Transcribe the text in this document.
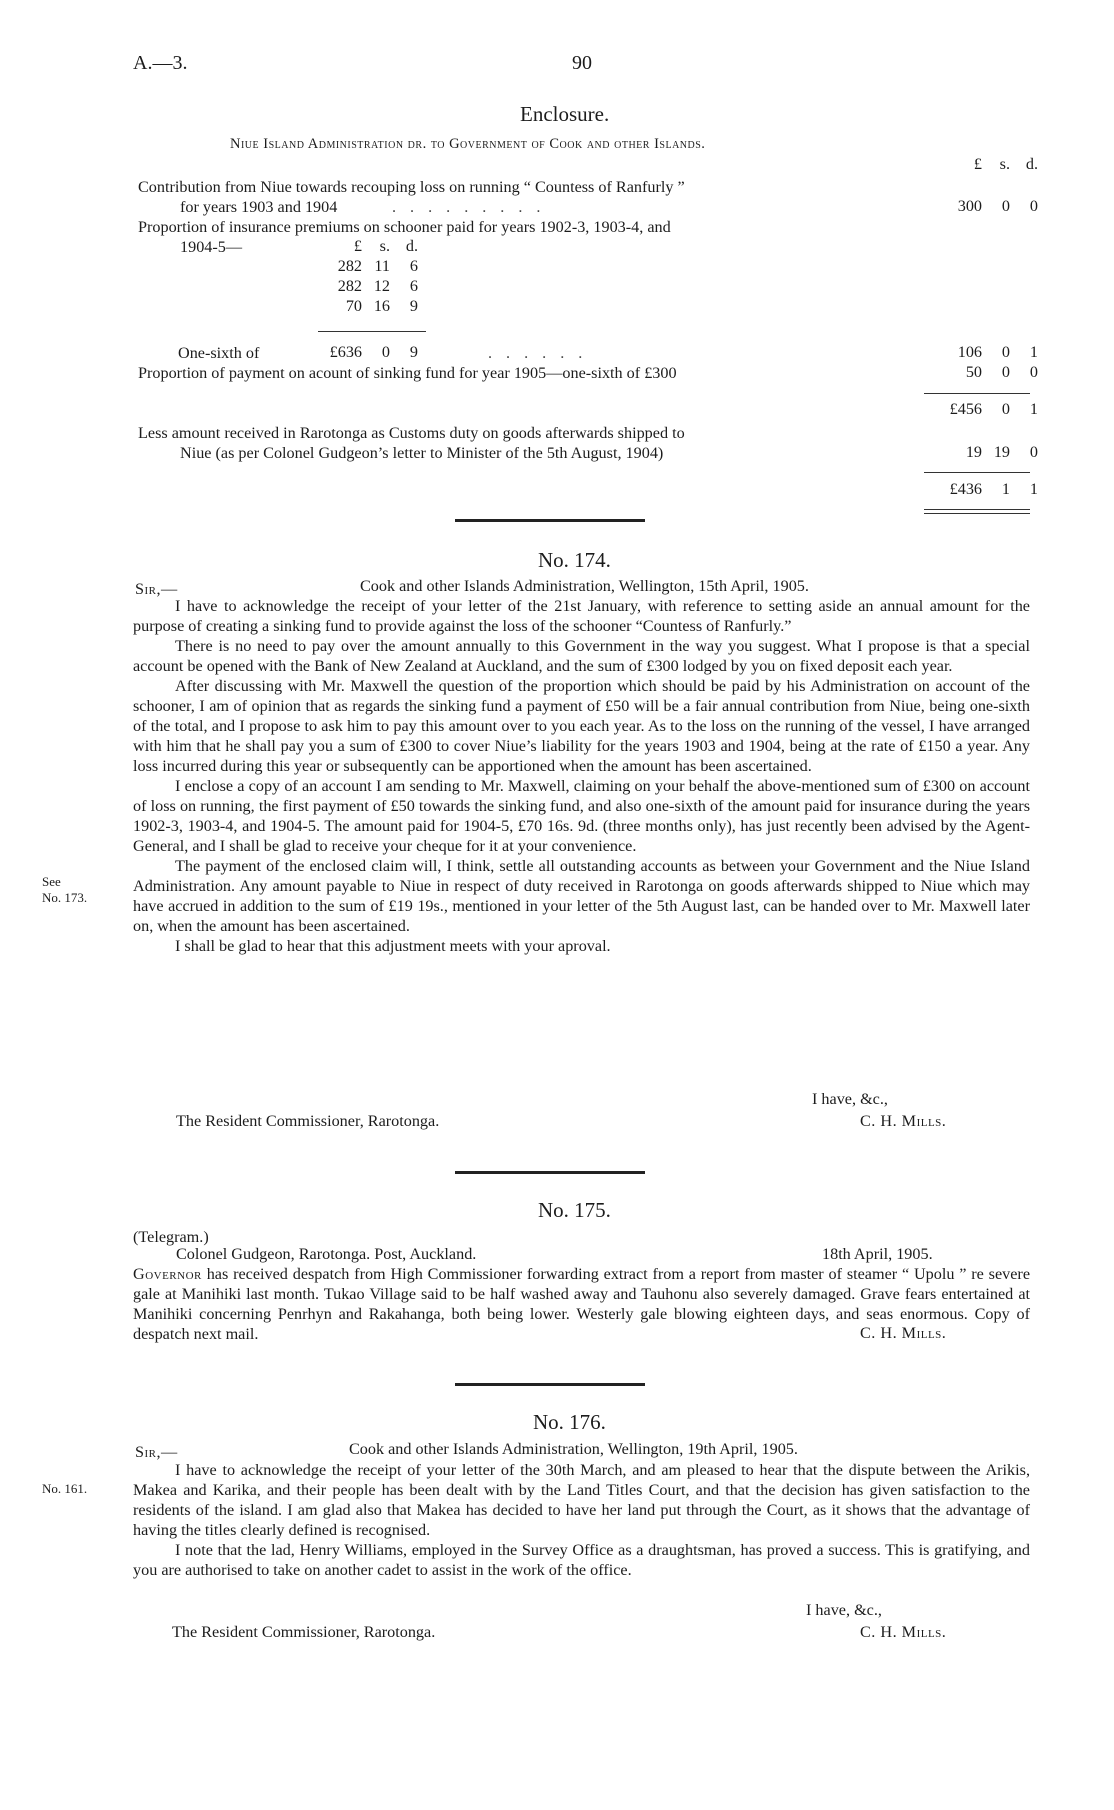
A.—3.	90
Enclosure.
Niue Island Administration dr. to Government of Cook and other Islands.
£ s. d.
Contribution from Niue towards recouping loss on running “ Countess of Ranfurly ”
for years 1903 and 1904	.........	300 0 0
Proportion of insurance premiums on schooner paid for years 1902-3, 1903-4, and
1904-5—	£ s. d.
282 11 6
282 12 6
70 16 9
One-sixth of	£636 0 9	......	106 0 1
Proportion of payment on acount of sinking fund for year 1905—one-sixth of £300	50 0 0
£456 0 1
Less amount received in Rarotonga as Customs duty on goods afterwards shipped to
Niue (as per Colonel Gudgeon’s letter to Minister of the 5th August, 1904)	19 19 0
£436 1 1
No. 174.
Sir,—	Cook and other Islands Administration, Wellington, 15th April, 1905.

I have to acknowledge the receipt of your letter of the 21st January, with reference to setting aside an annual amount for the purpose of creating a sinking fund to provide against the loss of the schooner “Countess of Ranfurly.”

There is no need to pay over the amount annually to this Government in the way you suggest. What I propose is that a special account be opened with the Bank of New Zealand at Auckland, and the sum of £300 lodged by you on fixed deposit each year.

After discussing with Mr. Maxwell the question of the proportion which should be paid by his Administration on account of the schooner, I am of opinion that as regards the sinking fund a payment of £50 will be a fair annual contribution from Niue, being one-sixth of the total, and I propose to ask him to pay this amount over to you each year. As to the loss on the running of the vessel, I have arranged with him that he shall pay you a sum of £300 to cover Niue’s liability for the years 1903 and 1904, being at the rate of £150 a year. Any loss incurred during this year or subsequently can be apportioned when the amount has been ascertained.

I enclose a copy of an account I am sending to Mr. Maxwell, claiming on your behalf the above-mentioned sum of £300 on account of loss on running, the first payment of £50 towards the sinking fund, and also one-sixth of the amount paid for insurance during the years 1902-3, 1903-4, and 1904-5. The amount paid for 1904-5, £70 16s. 9d. (three months only), has just recently been advised by the Agent-General, and I shall be glad to receive your cheque for it at your convenience.

The payment of the enclosed claim will, I think, settle all outstanding accounts as between your Government and the Niue Island Administration. Any amount payable to Niue in respect of duty received in Rarotonga on goods afterwards shipped to Niue which may have accrued in addition to the sum of £19 19s., mentioned in your letter of the 5th August last, can be handed over to Mr. Maxwell later on, when the amount has been ascertained.

I shall be glad to hear that this adjustment meets with your aproval.

See
No. 173.
I have, &c.,
The Resident Commissioner, Rarotonga.	C. H. Mills.
No. 175.
(Telegram.)
Colonel Gudgeon, Rarotonga. Post, Auckland.	18th April, 1905.

Governor has received despatch from High Commissioner forwarding extract from a report from master of steamer “ Upolu ” re severe gale at Manihiki last month. Tukao Village said to be half washed away and Tauhonu also severely damaged. Grave fears entertained at Manihiki concerning Penrhyn and Rakahanga, both being lower. Westerly gale blowing eighteen days, and seas enormous. Copy of despatch next mail.	C. H. Mills.
No. 176.
Sir,—	Cook and other Islands Administration, Wellington, 19th April, 1905.
No. 161.

I have to acknowledge the receipt of your letter of the 30th March, and am pleased to hear that the dispute between the Arikis, Makea and Karika, and their people has been dealt with by the Land Titles Court, and that the decision has given satisfaction to the residents of the island. I am glad also that Makea has decided to have her land put through the Court, as it shows that the advantage of having the titles clearly defined is recognised.

I note that the lad, Henry Williams, employed in the Survey Office as a draughtsman, has proved a success. This is gratifying, and you are authorised to take on another cadet to assist in the work of the office.

I have, &c.,
The Resident Commissioner, Rarotonga.	C. H. Mills.
